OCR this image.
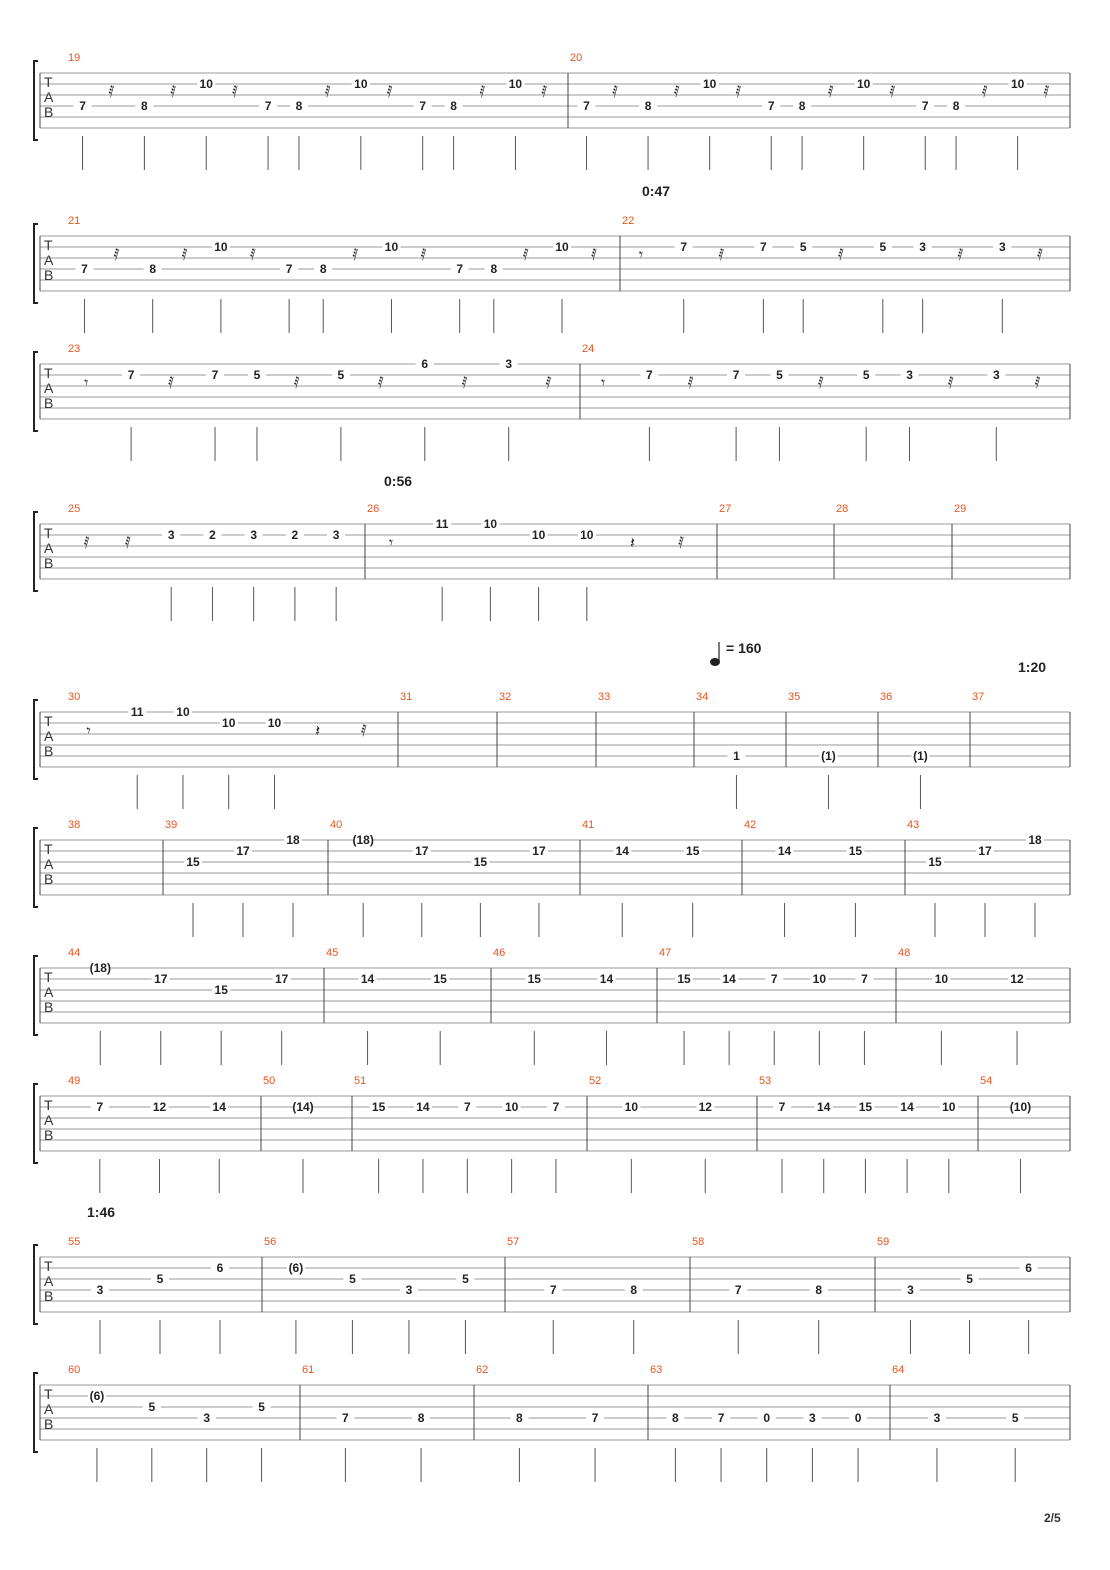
T
A
B
19
7
𝅀
8
𝅀 10 𝅀
7 8
𝅀 10 𝅀
7 8
𝅀 10 𝅀
20
7
𝅀
8
𝅀 10 𝅀
7 8
𝅀 10 𝅀
7 8
𝅀 10 𝅀
T
A
B
0:47
21
7
𝅀
8
𝅀 10 𝅀
7 8
𝅀 10 𝅀
7 8
𝅀 10 𝅀
22
𝄾	7 𝅀	7	5 𝅀	5	3 𝅀	3 𝅀
T
A
B
23
𝄾	7 𝅀	7	5 𝅀	5 𝅀
6
𝅀
3
𝅀
24
𝄾	7 𝅀	7	5 𝅀	5	3 𝅀	3 𝅀
T
A
B
0:56
25
𝅀 𝅀	3	2	3	2	3
26
𝄾
11	10
10	10 𝄽	𝅀
27	28	29
T
A
B
1:20
= 160
30
𝄾
11	10
10	10 𝄽	𝅀
31	32	33	34
1
35
(1)
36
(1)
37
T
A
B
38	39
15
17
18
40
(18)
17
15
17
41
14	15
42
14	15
43
15
17
18
T
A
B
44
(18)
17
15
17
45
14	15
46
15	14
47
15	14	7	10	7
48
10	12
T
A
B
49
7	12	14
50
(14)
51
15	14	7	10	7
52
10	12
53
7	14 15 14 10
54
(10)
T
A
B
1:46
55
3
5
6
56
(6)
5
3
5
57
7	8
58
7	8
59
3
5
6
T
A
B
60
(6)
5
3
5
61
7	8
62
8	7
63
8	7	0	3	0
64
3	5
2/5
